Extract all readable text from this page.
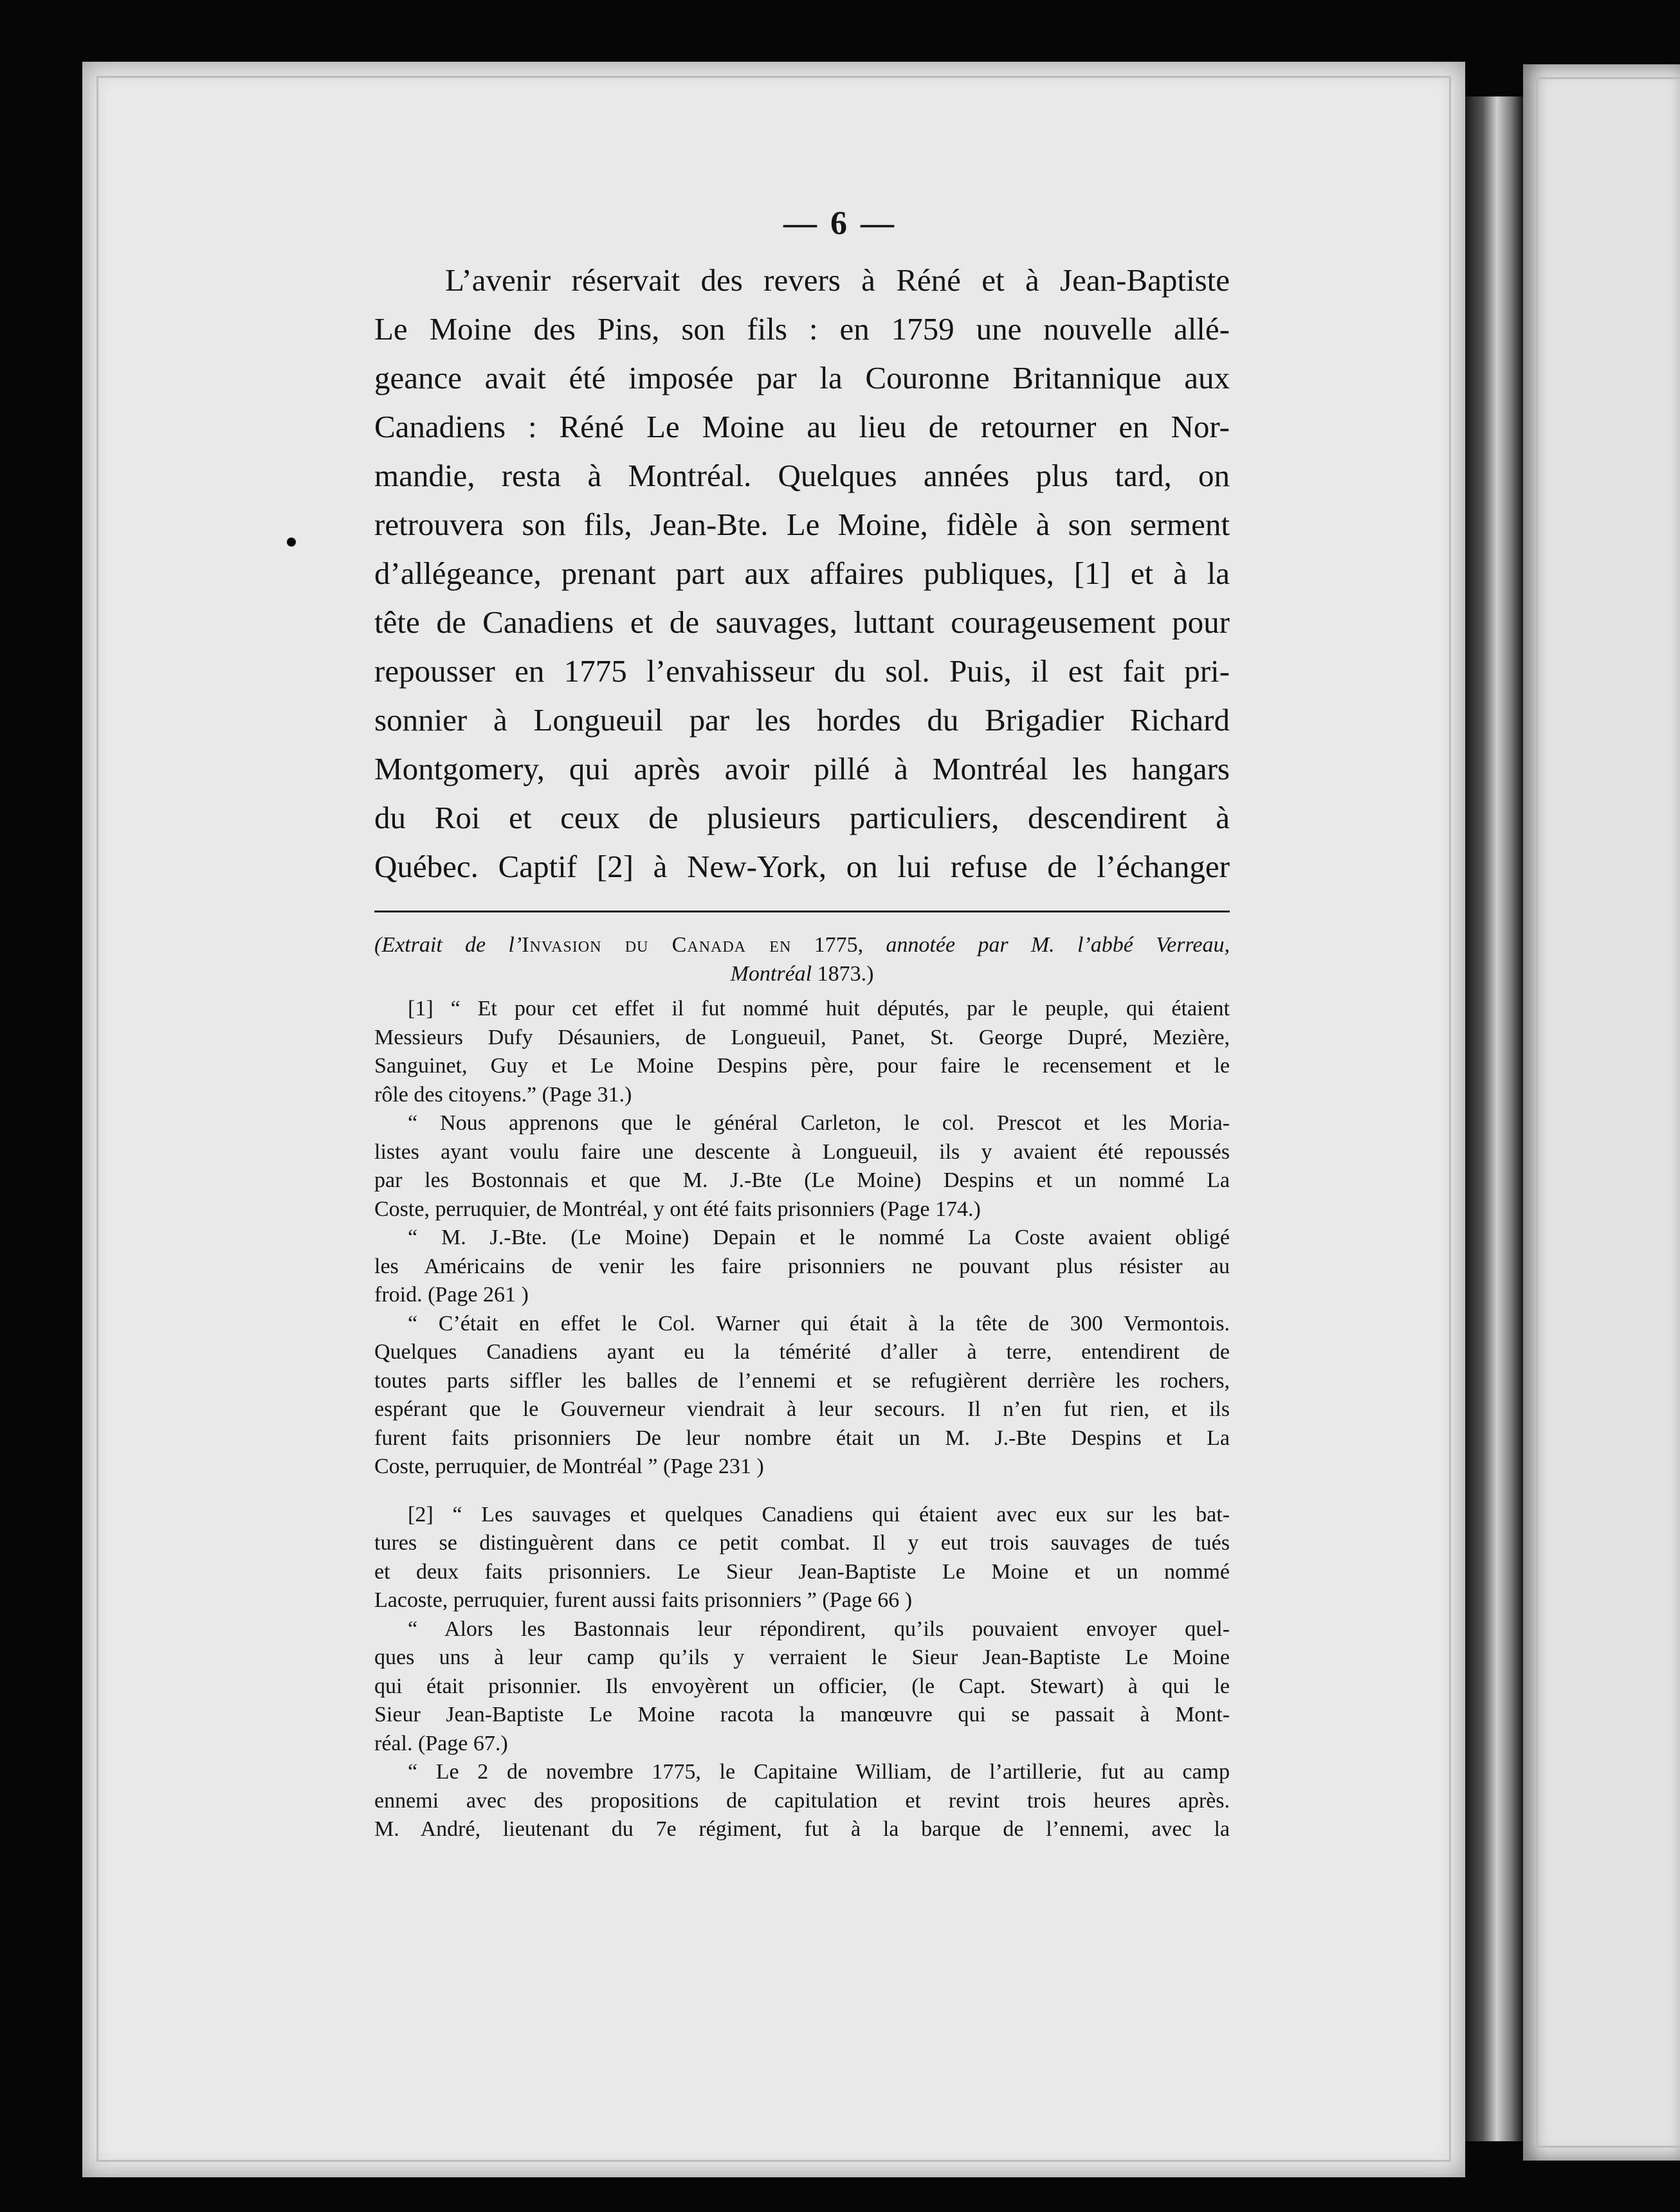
— 6 —
L’avenir réservait des revers à Réné et à Jean-Baptiste
Le Moine des Pins, son fils : en 1759 une nouvelle allé-
geance avait été imposée par la Couronne Britannique aux
Canadiens : Réné Le Moine au lieu de retourner en Nor-
mandie, resta à Montréal. Quelques années plus tard, on
retrouvera son fils, Jean-Bte. Le Moine, fidèle à son serment
d’allégeance, prenant part aux affaires publiques, [1] et à la
tête de Canadiens et de sauvages, luttant courageusement pour
repousser en 1775 l’envahisseur du sol. Puis, il est fait pri-
sonnier à Longueuil par les hordes du Brigadier Richard
Montgomery, qui après avoir pillé à Montréal les hangars
du Roi et ceux de plusieurs particuliers, descendirent à
Québec. Captif [2] à New-York, on lui refuse de l’échanger
(Extrait de l’Invasion du Canada en 1775, annotée par M. l’abbé Verreau,
Montréal 1873.)
[1] “ Et pour cet effet il fut nommé huit députés, par le peuple, qui étaient
Messieurs Dufy Désauniers, de Longueuil, Panet, St. George Dupré, Mezière,
Sanguinet, Guy et Le Moine Despins père, pour faire le recensement et le
rôle des citoyens.” (Page 31.)
“ Nous apprenons que le général Carleton, le col. Prescot et les Moria-
listes ayant voulu faire une descente à Longueuil, ils y avaient été repoussés
par les Bostonnais et que M. J.-Bte (Le Moine) Despins et un nommé La
Coste, perruquier, de Montréal, y ont été faits prisonniers (Page 174.)
“ M. J.-Bte. (Le Moine) Depain et le nommé La Coste avaient obligé
les Américains de venir les faire prisonniers ne pouvant plus résister au
froid. (Page 261 )
“ C’était en effet le Col. Warner qui était à la tête de 300 Vermontois.
Quelques Canadiens ayant eu la témérité d’aller à terre, entendirent de
toutes parts siffler les balles de l’ennemi et se refugièrent derrière les rochers,
espérant que le Gouverneur viendrait à leur secours. Il n’en fut rien, et ils
furent faits prisonniers De leur nombre était un M. J.-Bte Despins et La
Coste, perruquier, de Montréal ” (Page 231 )
[2] “ Les sauvages et quelques Canadiens qui étaient avec eux sur les bat-
tures se distinguèrent dans ce petit combat. Il y eut trois sauvages de tués
et deux faits prisonniers. Le Sieur Jean-Baptiste Le Moine et un nommé
Lacoste, perruquier, furent aussi faits prisonniers ” (Page 66 )
“ Alors les Bastonnais leur répondirent, qu’ils pouvaient envoyer quel-
ques uns à leur camp qu’ils y verraient le Sieur Jean-Baptiste Le Moine
qui était prisonnier. Ils envoyèrent un officier, (le Capt. Stewart) à qui le
Sieur Jean-Baptiste Le Moine racota la manœuvre qui se passait à Mont-
réal. (Page 67.)
“ Le 2 de novembre 1775, le Capitaine William, de l’artillerie, fut au camp
ennemi avec des propositions de capitulation et revint trois heures après.
M. André, lieutenant du 7e régiment, fut à la barque de l’ennemi, avec la
